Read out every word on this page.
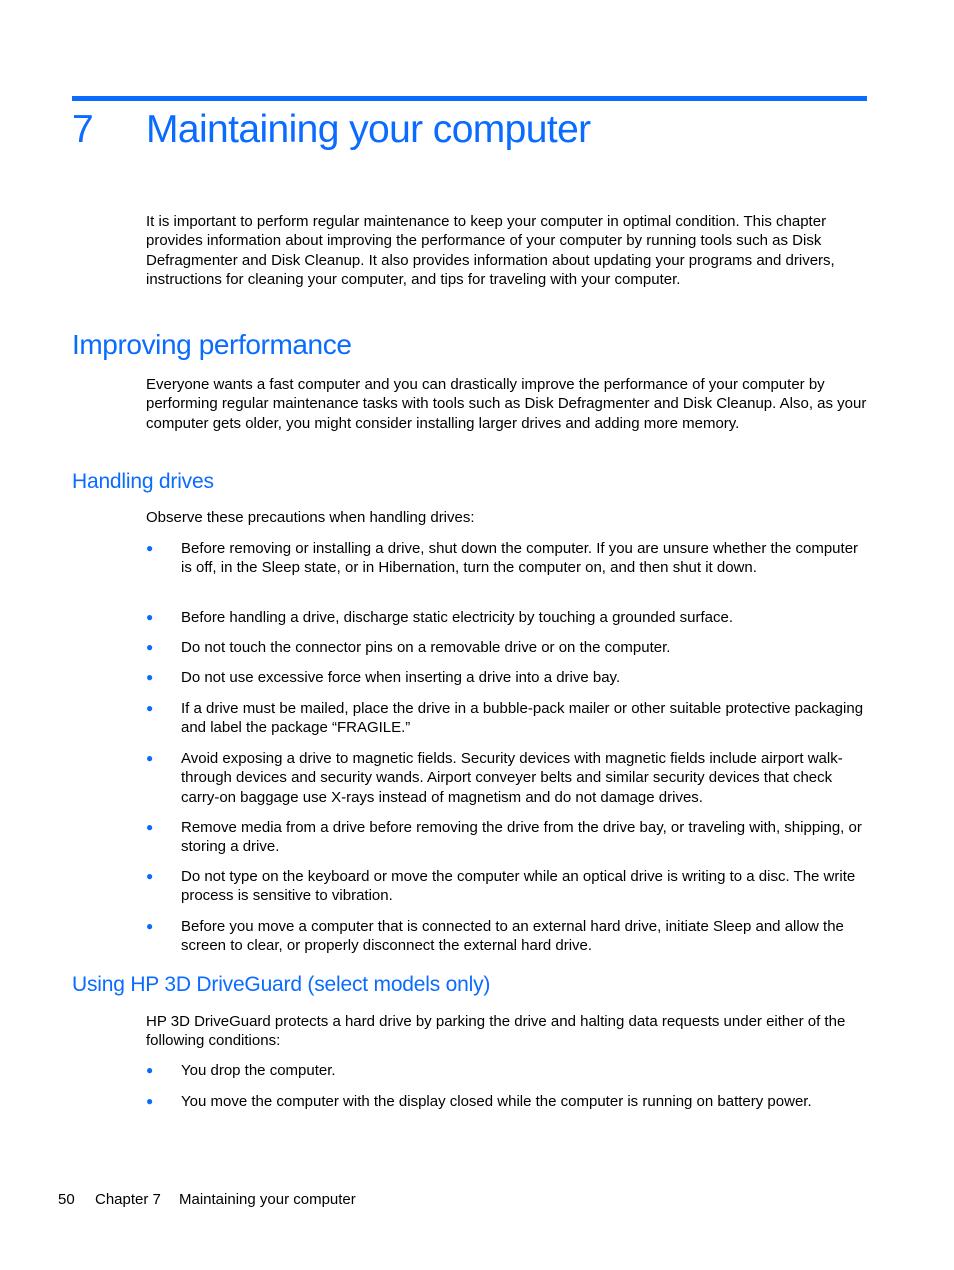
7 Maintaining your computer

It is important to perform regular maintenance to keep your computer in optimal condition. This chapter provides information about improving the performance of your computer by running tools such as Disk Defragmenter and Disk Cleanup. It also provides information about updating your programs and drivers, instructions for cleaning your computer, and tips for traveling with your computer.

Improving performance

Everyone wants a fast computer and you can drastically improve the performance of your computer by performing regular maintenance tasks with tools such as Disk Defragmenter and Disk Cleanup. Also, as your computer gets older, you might consider installing larger drives and adding more memory.

Handling drives

Observe these precautions when handling drives:

●	Before removing or installing a drive, shut down the computer. If you are unsure whether the computer is off, in the Sleep state, or in Hibernation, turn the computer on, and then shut it down.
●	Before handling a drive, discharge static electricity by touching a grounded surface.
●	Do not touch the connector pins on a removable drive or on the computer.
●	Do not use excessive force when inserting a drive into a drive bay.
●	If a drive must be mailed, place the drive in a bubble-pack mailer or other suitable protective packaging and label the package “FRAGILE.”
●	Avoid exposing a drive to magnetic fields. Security devices with magnetic fields include airport walk-through devices and security wands. Airport conveyer belts and similar security devices that check carry-on baggage use X-rays instead of magnetism and do not damage drives.
●	Remove media from a drive before removing the drive from the drive bay, or traveling with, shipping, or storing a drive.
●	Do not type on the keyboard or move the computer while an optical drive is writing to a disc. The write process is sensitive to vibration.
●	Before you move a computer that is connected to an external hard drive, initiate Sleep and allow the screen to clear, or properly disconnect the external hard drive.
Using HP 3D DriveGuard (select models only)

HP 3D DriveGuard protects a hard drive by parking the drive and halting data requests under either of the following conditions:

●	You drop the computer.
●	You move the computer with the display closed while the computer is running on battery power.
50 Chapter 7 Maintaining your computer
